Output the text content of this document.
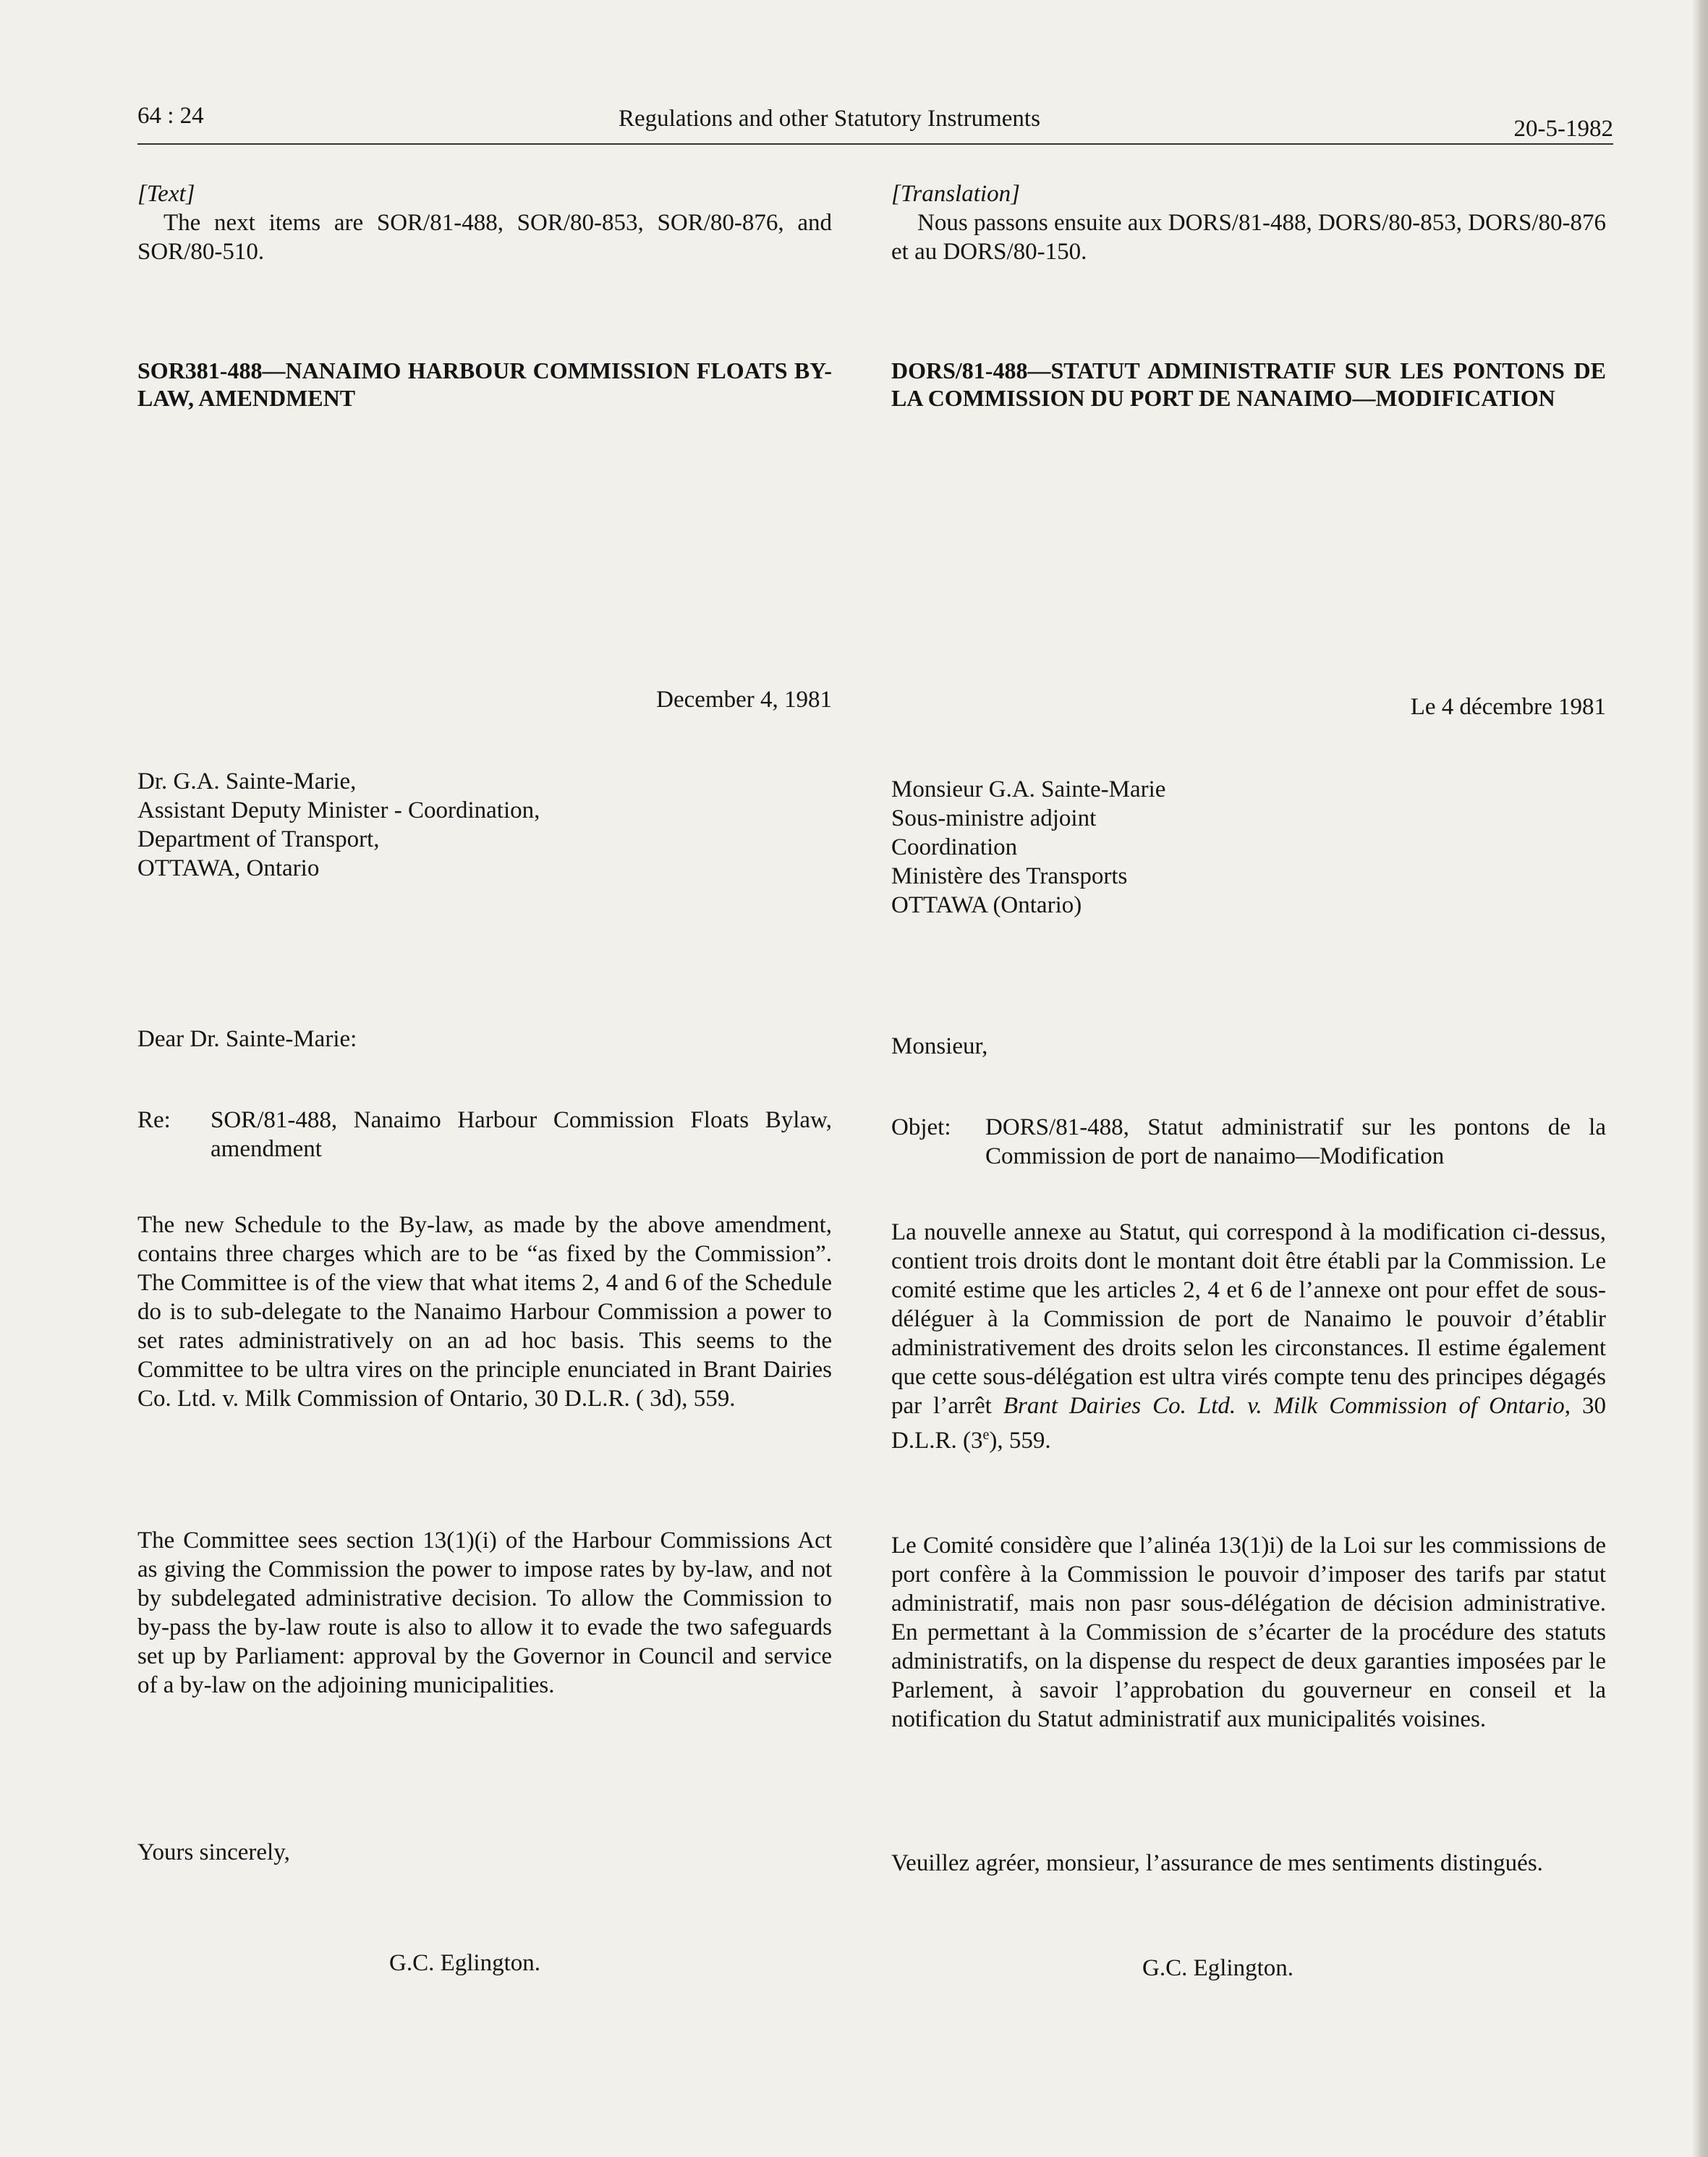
64 : 24	Regulations and other Statutory Instruments	20-5-1982

[Text]

The next items are SOR/81-488, SOR/80-853, SOR/80-876, and SOR/80-510.

SOR381-488—NANAIMO HARBOUR COMMISSION FLOATS BY-LAW, AMENDMENT

December 4, 1981

Dr. G.A. Sainte-Marie,
Assistant Deputy Minister - Coordination,
Department of Transport,
OTTAWA, Ontario

Dear Dr. Sainte-Marie:

Re:	SOR/81-488, Nanaimo Harbour Commission Floats Bylaw, amendment

The new Schedule to the By-law, as made by the above amendment, contains three charges which are to be “as fixed by the Commission”. The Committee is of the view that what items 2, 4 and 6 of the Schedule do is to sub-delegate to the Nanaimo Harbour Commission a power to set rates administratively on an ad hoc basis. This seems to the Committee to be ultra vires on the principle enunciated in Brant Dairies Co. Ltd. v. Milk Commission of Ontario, 30 D.L.R. ( 3d), 559.

The Committee sees section 13(1)(i) of the Harbour Commissions Act as giving the Commission the power to impose rates by by-law, and not by subdelegated administrative decision. To allow the Commission to by-pass the by-law route is also to allow it to evade the two safeguards set up by Parliament: approval by the Governor in Council and service of a by-law on the adjoining municipalities.

Yours sincerely,

G.C. Eglington.

[Translation]

Nous passons ensuite aux DORS/81-488, DORS/80-853, DORS/80-876 et au DORS/80-150.

DORS/81-488—STATUT ADMINISTRATIF SUR LES PONTONS DE LA COMMISSION DU PORT DE NANAIMO—MODIFICATION

Le 4 décembre 1981

Monsieur G.A. Sainte-Marie
Sous-ministre adjoint
Coordination
Ministère des Transports
OTTAWA (Ontario)

Monsieur,

Objet:	DORS/81-488, Statut administratif sur les pontons de la Commission de port de nanaimo—Modification

La nouvelle annexe au Statut, qui correspond à la modification ci-dessus, contient trois droits dont le montant doit être établi par la Commission. Le comité estime que les articles 2, 4 et 6 de l’annexe ont pour effet de sous-déléguer à la Commission de port de Nanaimo le pouvoir d’établir administrativement des droits selon les circonstances. Il estime également que cette sous-délégation est ultra virés compte tenu des principes dégagés par l’arrêt Brant Dairies Co. Ltd. v. Milk Commission of Ontario, 30 D.L.R. (3e), 559.

Le Comité considère que l’alinéa 13(1)i) de la Loi sur les commissions de port confère à la Commission le pouvoir d’imposer des tarifs par statut administratif, mais non pasr sous-délégation de décision administrative. En permettant à la Commission de s’écarter de la procédure des statuts administratifs, on la dispense du respect de deux garanties imposées par le Parlement, à savoir l’approbation du gouverneur en conseil et la notification du Statut administratif aux municipalités voisines.

Veuillez agréer, monsieur, l’assurance de mes sentiments distingués.

G.C. Eglington.
